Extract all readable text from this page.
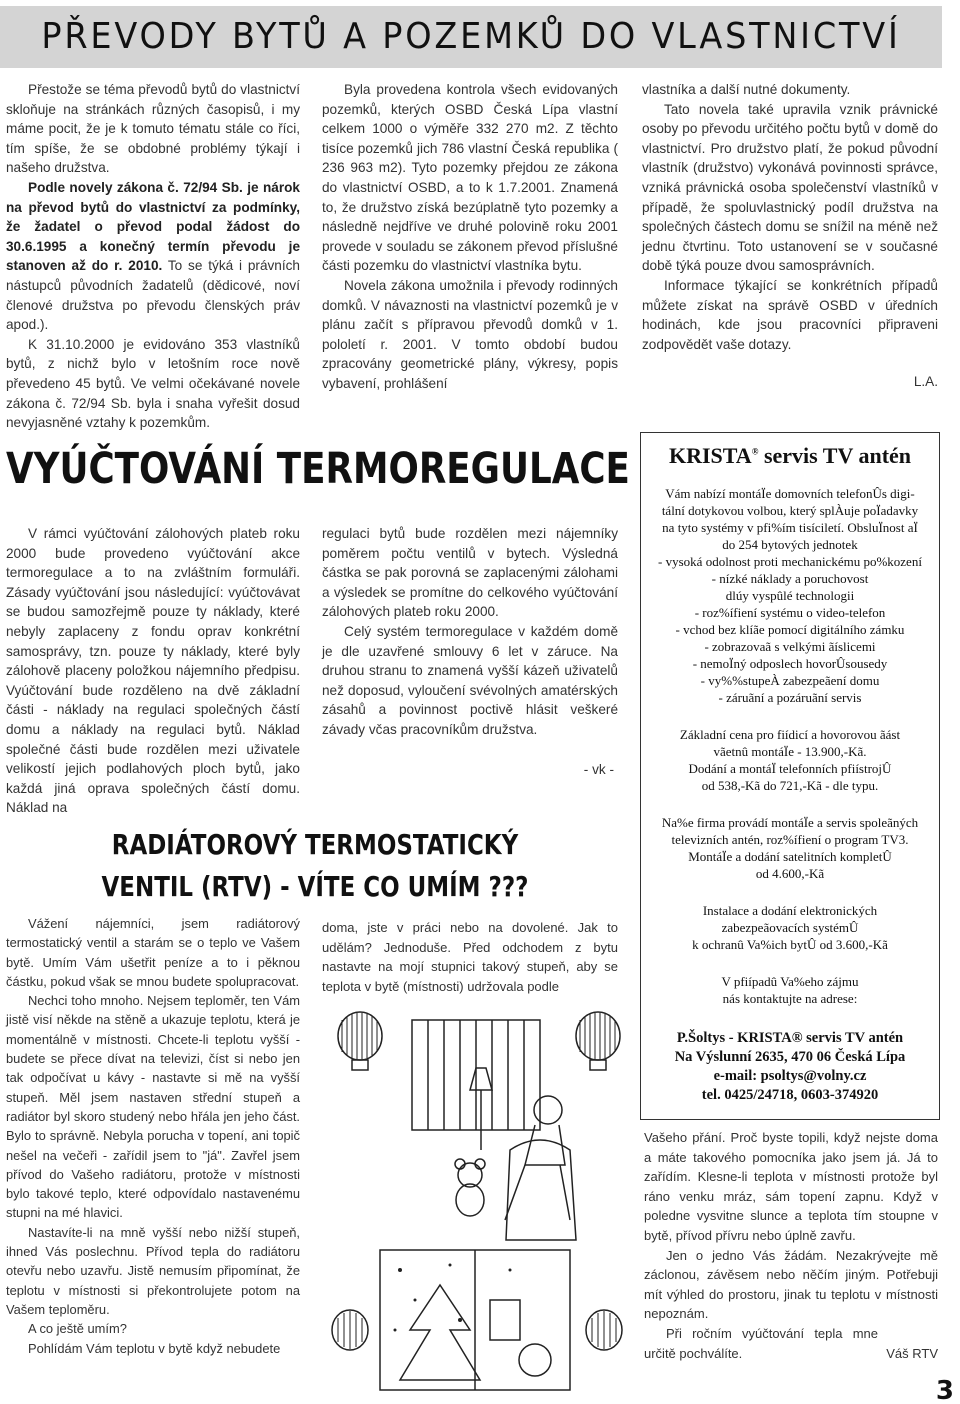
PŘEVODY BYTŮ A POZEMKŮ DO VLASTNICTVÍ

Přestože se téma převodů bytů do vlastnictví skloňuje na stránkách různých časopisů, i my máme pocit, že je k tomuto tématu stále co říci, tím spíše, že se obdobné problémy týkají i našeho družstva.

Podle novely zákona č. 72/94 Sb. je nárok na převod bytů do vlastnictví za podmínky, že žadatel o převod podal žádost do 30.6.1995 a konečný termín převodu je stanoven až do r. 2010. To se týká i právních nástupců původních žadatelů (dědicové, noví členové družstva po převodu členských práv apod.).

K 31.10.2000 je evidováno 353 vlastníků bytů, z nichž bylo v letošním roce nově převedeno 45 bytů. Ve velmi očekávané novele zákona č. 72/94 Sb. byla i snaha vyřešit dosud nevyjasněné vztahy k pozemkům.

Byla provedena kontrola všech evidovaných pozemků, kterých OSBD Česká Lípa vlastní celkem 1000 o výměře 332 270 m2. Z těchto tisíce pozemků jich 786 vlastní Česká republika ( 236 963 m2). Tyto pozemky přejdou ze zákona do vlastnictví OSBD, a to k 1.7.2001. Znamená to, že družstvo získá bezúplatně tyto pozemky a následně nejdříve ve druhé polovině roku 2001 provede v souladu se zákonem převod příslušné části pozemku do vlastnictví vlastníka bytu.

Novela zákona umožnila i převody rodinných domků. V návaznosti na vlastnictví pozemků je v plánu začít s přípravou převodů domků v 1. pololetí r. 2001. V tomto období budou zpracovány geometrické plány, výkresy, popis vybavení, prohlášení

vlastníka a další nutné dokumenty.

Tato novela také upravila vznik právnické osoby po převodu určitého počtu bytů v domě do vlastnictví. Pro družstvo platí, že pokud původní vlastník (družstvo) vykonává povinnosti správce, vzniká právnická osoba společenství vlastníků v případě, že spoluvlastnický podíl družstva na společných částech domu se snížil na méně než jednu čtvrtinu. Toto ustanovení se v současné době týká pouze dvou samosprávních.

Informace týkající se konkrétních případů můžete získat na správě OSBD v úředních hodinách, kde jsou pracovníci připraveni zodpovědět vaše dotazy.

L.A.

VYÚČTOVÁNÍ TERMOREGULACE

V rámci vyúčtování zálohových plateb roku 2000 bude provedeno vyúčtování akce termoregulace a to na zvláštním formuláři. Zásady vyúčtování jsou následující: vyúčtovávat se budou samozřejmě pouze ty náklady, které nebyly zaplaceny z fondu oprav konkrétní samosprávy, tzn. pouze ty náklady, které byly zálohově placeny položkou nájemního předpisu. Vyúčtování bude rozděleno na dvě základní části - náklady na regulaci společných částí domu a náklady na regulaci bytů. Náklad společné části bude rozdělen mezi uživatele velikostí jejich podlahových ploch bytů, jako každá jiná oprava společných částí domu. Náklad na

regulaci bytů bude rozdělen mezi nájemníky poměrem počtu ventilů v bytech. Výsledná částka se pak porovná se zaplacenými zálohami a výsledek se promítne do celkového vyúčtování zálohových plateb roku 2000.

Celý systém termoregulace v každém domě je dle uzavřené smlouvy 6 let v záruce. Na druhou stranu to znamená vyšší kázeň uživatelů než doposud, vyloučení svévolných amatérských zásahů a povinnost poctivě hlásit veškeré závady včas pracovníkům družstva.

- vk -

RADIÁTOROVÝ TERMOSTATICKÝ
VENTIL (RTV) - VÍTE CO UMÍM ???

Vážení nájemníci, jsem radiátorový termostatický ventil a starám se o teplo ve Vašem bytě. Umím Vám ušetřit peníze a to i pěknou částku, pokud však se mnou budete spolupracovat.

Nechci toho mnoho. Nejsem teploměr, ten Vám jistě visí někde na stěně a ukazuje teplotu, která je momentálně v místnosti. Chcete-li teplotu vyšší - budete se přece dívat na televizi, číst si nebo jen tak odpočívat u kávy - nastavte si mě na vyšší stupeň. Měl jsem nastaven střední stupeň a radiátor byl skoro studený nebo hřála jen jeho část. Bylo to správně. Nebyla porucha v topení, ani topič nešel na večeři - zařídil jsem to "já". Zavřel jsem přívod do Vašeho radiátoru, protože v místnosti bylo takové teplo, které odpovídalo nastavenému stupni na mé hlavici.

Nastavíte-li na mně vyšší nebo nižší stupeň, ihned Vás poslechnu. Přívod tepla do radiátoru otevřu nebo uzavřu. Jistě nemusím připomínat, že teplotu v místnosti si překontrolujete potom na Vašem teploměru.

A co ještě umím?

Pohlídám Vám teplotu v bytě když nebudete

doma, jste v práci nebo na dovolené. Jak to udělám? Jednoduše. Před odchodem z bytu nastavte na mojí stupnici takový stupeň, aby se teplota v bytě (místnosti) udržovala podle

KRISTA® servis TV antén
Vám nabízí montáÏe domovních telefonÛs digi-
tální dotykovou volbou, který splÀuje poÏadavky
na tyto systémy v pfi%ím tisíciletí. ObsluÏnost aÏ
do 254 bytových jednotek
- vysoká odolnost proti mechanickému po%kození
- nízké náklady a poruchovost
dlúy vyspûlé technologii
- roz%ífiení systému o video-telefon
- vchod bez klíãe pomocí digitálního zámku
- zobrazovaã s velkými ãíslicemi
- nemoÏný odposlech hovorÛsousedy
- vy%%stupeÀ zabezpeãení domu
- záruãní a pozáruãní servis
Základní cena pro fiídicí a hovorovou ãást
vãetnû montáÏe - 13.900,-Kã.
Dodání a montáÏ telefonních pfiístrojÛ
od 538,-Kã do 721,-Kã - dle typu.
Na%e firma provádí montáÏe a servis spoleãných
televizních antén, roz%ífiení o program TV3.
MontáÏe a dodání satelitních kompletÛ
od 4.600,-Kã
Instalace a dodání elektronických
zabezpeãovacích systémÛ
k ochranû Va%ich bytÛ od 3.600,-Kã
V pfiípadû Va%eho zájmu
nás kontaktujte na adrese:
P.Šoltys - KRISTA® servis TV antén
Na Výslunní 2635, 470 06 Česká Lípa
e-mail: psoltys@volny.cz
tel. 0425/24718, 0603-374920

Vašeho přání. Proč byste topili, když nejste doma a máte takového pomocníka jako jsem já. Já to zařídím. Klesne-li teplota v místnosti protože byl ráno venku mráz, sám topení zapnu. Když v poledne vysvitne slunce a teplota tím stoupne v bytě, přívod přívru nebo úplně zavřu.

Jen o jedno Vás žádám. Nezakrývejte mě záclonou, závěsem nebo něčím jiným. Potřebuji mít výhled do prostoru, jinak tu teplotu v místnosti nepoznám.

Při ročním vyúčtování tepla mne určitě pochválíte.	Váš RTV

3
